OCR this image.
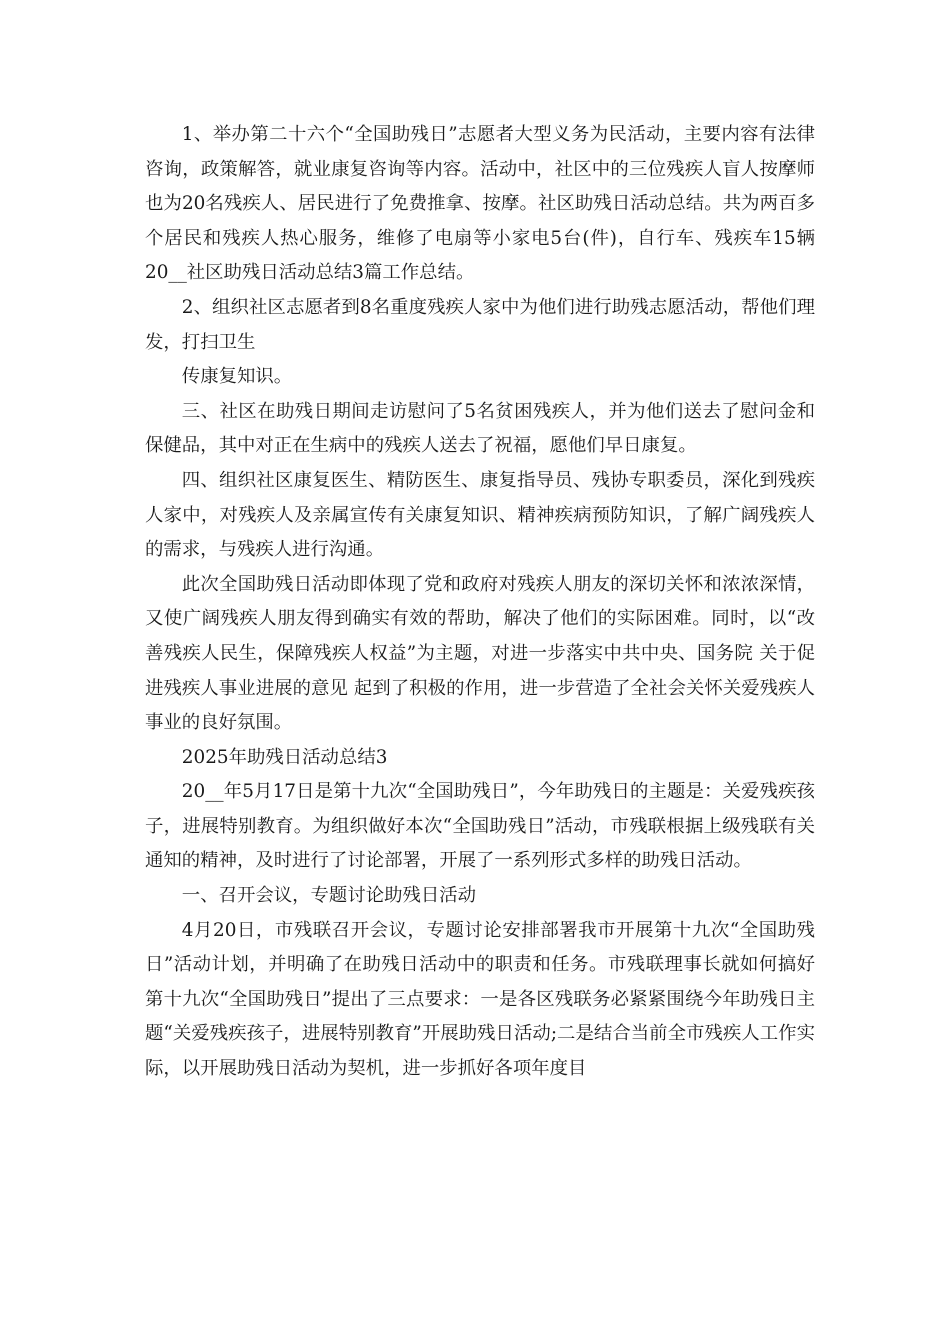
1、举办第二十六个“全国助残日”志愿者大型义务为民活动，主要内容有法律咨询，政策解答，就业康复咨询等内容。活动中，社区中的三位残疾人盲人按摩师也为20名残疾人、居民进行了免费推拿、按摩。社区助残日活动总结。共为两百多个居民和残疾人热心服务，维修了电扇等小家电5台(件)，自行车、残疾车15辆20__社区助残日活动总结3篇工作总结。

2、组织社区志愿者到8名重度残疾人家中为他们进行助残志愿活动，帮他们理发，打扫卫生

传康复知识。

三、社区在助残日期间走访慰问了5名贫困残疾人，并为他们送去了慰问金和保健品，其中对正在生病中的残疾人送去了祝福，愿他们早日康复。

四、组织社区康复医生、精防医生、康复指导员、残协专职委员，深化到残疾人家中，对残疾人及亲属宣传有关康复知识、精神疾病预防知识，了解广阔残疾人的需求，与残疾人进行沟通。

此次全国助残日活动即体现了党和政府对残疾人朋友的深切关怀和浓浓深情，又使广阔残疾人朋友得到确实有效的帮助，解决了他们的实际困难。同时，以“改善残疾人民生，保障残疾人权益”为主题，对进一步落实中共中央、国务院 关于促进残疾人事业进展的意见 起到了积极的作用，进一步营造了全社会关怀关爱残疾人事业的良好氛围。

2025年助残日活动总结3

20__年5月17日是第十九次“全国助残日”，今年助残日的主题是：关爱残疾孩子，进展特别教育。为组织做好本次“全国助残日”活动，市残联根据上级残联有关通知的精神，及时进行了讨论部署，开展了一系列形式多样的助残日活动。

一、召开会议，专题讨论助残日活动

4月20日，市残联召开会议，专题讨论安排部署我市开展第十九次“全国助残日”活动计划，并明确了在助残日活动中的职责和任务。市残联理事长就如何搞好第十九次“全国助残日”提出了三点要求：一是各区残联务必紧紧围绕今年助残日主题“关爱残疾孩子，进展特别教育”开展助残日活动;二是结合当前全市残疾人工作实际，以开展助残日活动为契机，进一步抓好各项年度目
